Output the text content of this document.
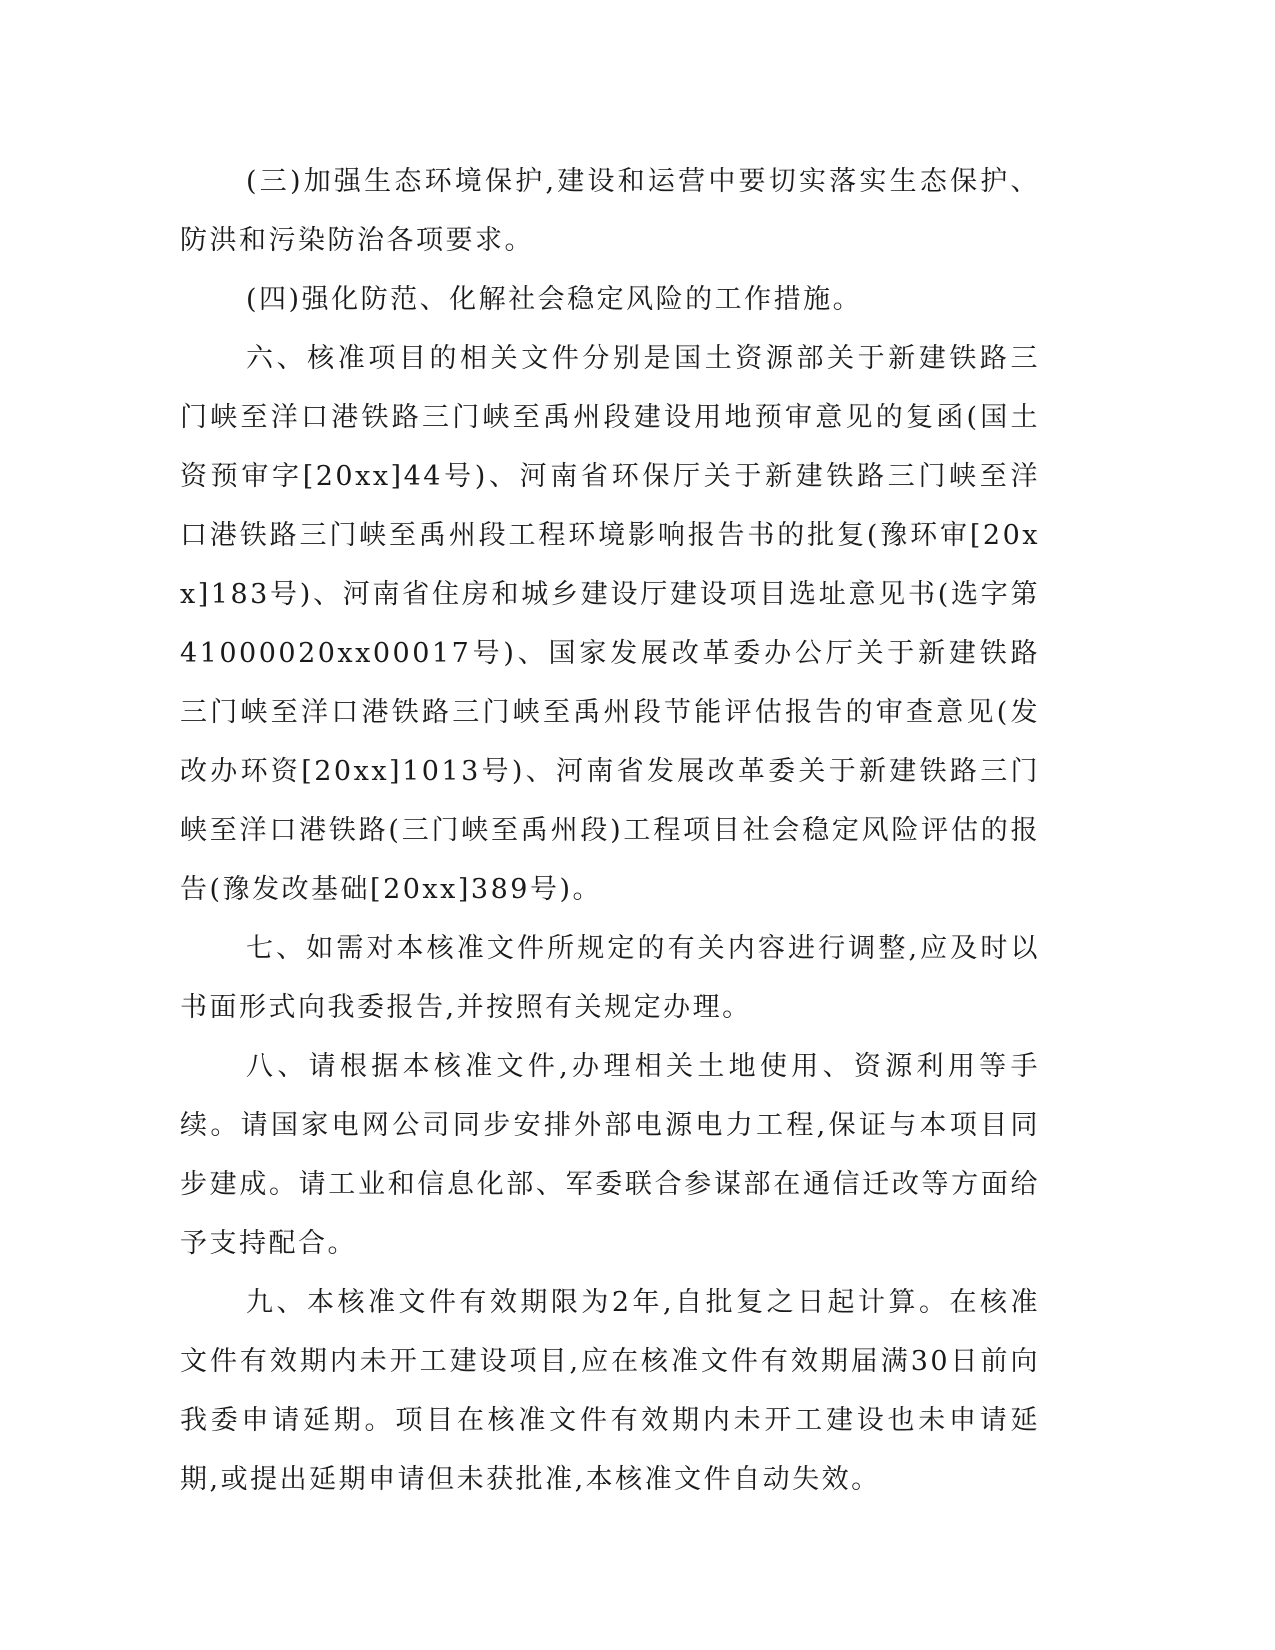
(三)加强生态环境保护,建设和运营中要切实落实生态保护、防洪和污染防治各项要求。

(四)强化防范、化解社会稳定风险的工作措施。

六、核准项目的相关文件分别是国土资源部关于新建铁路三门峡至洋口港铁路三门峡至禹州段建设用地预审意见的复函(国土资预审字[20xx]44号)、河南省环保厅关于新建铁路三门峡至洋口港铁路三门峡至禹州段工程环境影响报告书的批复(豫环审[20xx]183号)、河南省住房和城乡建设厅建设项目选址意见书(选字第41000020xx00017号)、国家发展改革委办公厅关于新建铁路三门峡至洋口港铁路三门峡至禹州段节能评估报告的审查意见(发改办环资[20xx]1013号)、河南省发展改革委关于新建铁路三门峡至洋口港铁路(三门峡至禹州段)工程项目社会稳定风险评估的报告(豫发改基础[20xx]389号)。

七、如需对本核准文件所规定的有关内容进行调整,应及时以书面形式向我委报告,并按照有关规定办理。

八、请根据本核准文件,办理相关土地使用、资源利用等手续。请国家电网公司同步安排外部电源电力工程,保证与本项目同步建成。请工业和信息化部、军委联合参谋部在通信迁改等方面给予支持配合。

九、本核准文件有效期限为2年,自批复之日起计算。在核准文件有效期内未开工建设项目,应在核准文件有效期届满30日前向我委申请延期。项目在核准文件有效期内未开工建设也未申请延期,或提出延期申请但未获批准,本核准文件自动失效。
